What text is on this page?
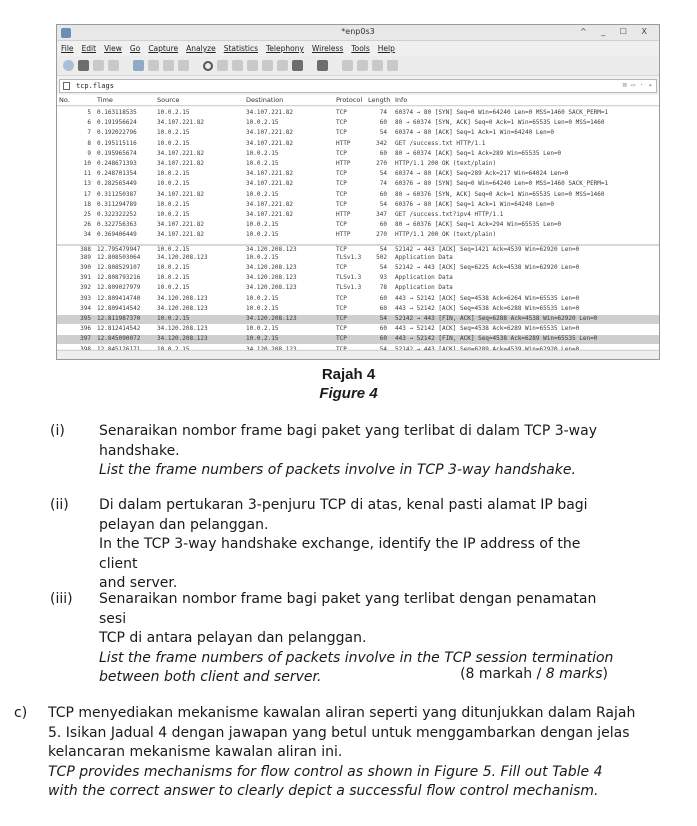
*enp0s3	^ _ ☐ X
File Edit View Go Capture Analyze Statistics Telephony Wireless Tools Help
tcp.flags	⊠ ▭ · ◂
No.	Time	Source	Destination	Protocol Length Info
5 0.163118535	10.0.2.15	34.107.221.82	TCP	74 60374 → 80 [SYN] Seq=0 Win=64240 Len=0 MSS=1460 SACK_PERM=1
6 0.191956624	34.107.221.82	10.0.2.15	TCP	60 80 → 60374 [SYN, ACK] Seq=0 Ack=1 Win=65535 Len=0 MSS=1460
7 0.192022796	10.0.2.15	34.107.221.82	TCP	54 60374 → 80 [ACK] Seq=1 Ack=1 Win=64240 Len=0
8 0.195115116	10.0.2.15	34.107.221.82	HTTP	342 GET /success.txt HTTP/1.1
9 0.195965674	34.107.221.82	10.0.2.15	TCP	60 80 → 60374 [ACK] Seq=1 Ack=289 Win=65535 Len=0
10 0.248671393	34.107.221.82	10.0.2.15	HTTP	270 HTTP/1.1 200 OK (text/plain)
11 0.248701354	10.0.2.15	34.107.221.82	TCP	54 60374 → 80 [ACK] Seq=289 Ack=217 Win=64024 Len=0
13 0.282565449	10.0.2.15	34.107.221.82	TCP	74 60376 → 80 [SYN] Seq=0 Win=64240 Len=0 MSS=1460 SACK_PERM=1
17 0.311250387	34.107.221.82	10.0.2.15	TCP	60 80 → 60376 [SYN, ACK] Seq=0 Ack=1 Win=65535 Len=0 MSS=1460
18 0.311294789	10.0.2.15	34.107.221.82	TCP	54 60376 → 80 [ACK] Seq=1 Ack=1 Win=64240 Len=0
25 0.322322252	10.0.2.15	34.107.221.82	HTTP	347 GET /success.txt?ipv4 HTTP/1.1
26 0.322756363	34.107.221.82	10.0.2.15	TCP	60 80 → 60376 [ACK] Seq=1 Ack=294 Win=65535 Len=0
34 0.369406449	34.107.221.82	10.0.2.15	HTTP	270 HTTP/1.1 200 OK (text/plain)
388 12.795479947	10.0.2.15	34.120.208.123	TCP	54 52142 → 443 [ACK] Seq=1421 Ack=4539 Win=62920 Len=0
389 12.808503064	34.120.208.123	10.0.2.15	TLSv1.3	502 Application Data
390 12.808529107	10.0.2.15	34.120.208.123	TCP	54 52142 → 443 [ACK] Seq=6225 Ack=4538 Win=62920 Len=0
391 12.808793216	10.0.2.15	34.120.208.123	TLSv1.3	93 Application Data
392 12.809027979	10.0.2.15	34.120.208.123	TLSv1.3	78 Application Data
393 12.809414740	34.120.208.123	10.0.2.15	TCP	60 443 → 52142 [ACK] Seq=4538 Ack=6264 Win=65535 Len=0
394 12.809414542	34.120.208.123	10.0.2.15	TCP	60 443 → 52142 [ACK] Seq=4538 Ack=6288 Win=65535 Len=0
395 12.811987370	10.0.2.15	34.120.208.123	TCP	54 52142 → 443 [FIN, ACK] Seq=6288 Ack=4538 Win=62920 Len=0
396 12.812414542	34.120.208.123	10.0.2.15	TCP	60 443 → 52142 [ACK] Seq=4538 Ack=6289 Win=65535 Len=0
397 12.845090072	34.120.208.123	10.0.2.15	TCP	60 443 → 52142 [FIN, ACK] Seq=4538 Ack=6289 Win=65535 Len=0
Rajah 4
Figure 4
(i) Senaraikan nombor frame bagi paket yang terlibat di dalam TCP 3-way
handshake.
List the frame numbers of packets involve in TCP 3-way handshake.
(ii) Di dalam pertukaran 3-penjuru TCP di atas, kenal pasti alamat IP bagi
pelayan dan pelanggan.
In the TCP 3-way handshake exchange, identify the IP address of the client
and server.
(iii) Senaraikan nombor frame bagi paket yang terlibat dengan penamatan sesi
TCP di antara pelayan dan pelanggan.
List the frame numbers of packets involve in the TCP session termination
between both client and server.	(8 markah / 8 marks)
c) TCP menyediakan mekanisme kawalan aliran seperti yang ditunjukkan dalam Rajah
5. Isikan Jadual 4 dengan jawapan yang betul untuk menggambarkan dengan jelas
kelancaran mekanisme kawalan aliran ini.
TCP provides mechanisms for flow control as shown in Figure 5. Fill out Table 4
with the correct answer to clearly depict a successful flow control mechanism.
